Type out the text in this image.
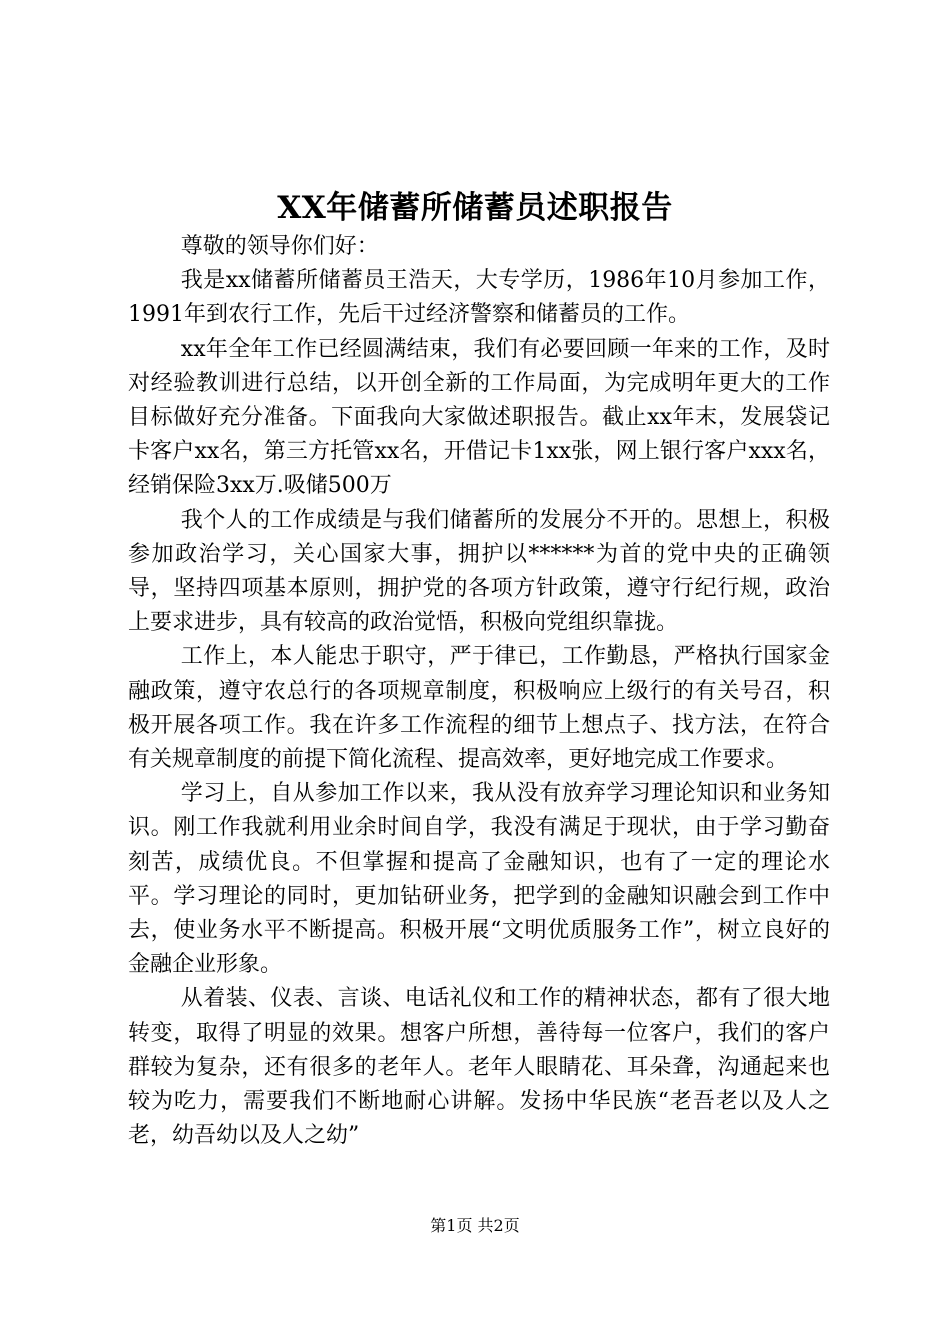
XX年储蓄所储蓄员述职报告

尊敬的领导你们好：

我是xx储蓄所储蓄员王浩天，大专学历，1986年10月参加工作，1991年到农行工作，先后干过经济警察和储蓄员的工作。

xx年全年工作已经圆满结束，我们有必要回顾一年来的工作，及时对经验教训进行总结，以开创全新的工作局面，为完成明年更大的工作目标做好充分准备。下面我向大家做述职报告。截止xx年末，发展袋记卡客户xx名，第三方托管xx名，开借记卡1xx张，网上银行客户xxx名，经销保险3xx万.吸储500万

我个人的工作成绩是与我们储蓄所的发展分不开的。思想上，积极参加政治学习，关心国家大事，拥护以******为首的党中央的正确领导，坚持四项基本原则，拥护党的各项方针政策，遵守行纪行规，政治上要求进步，具有较高的政治觉悟，积极向党组织靠拢。

工作上，本人能忠于职守，严于律已，工作勤恳，严格执行国家金融政策，遵守农总行的各项规章制度，积极响应上级行的有关号召，积极开展各项工作。我在许多工作流程的细节上想点子、找方法，在符合有关规章制度的前提下简化流程、提高效率，更好地完成工作要求。

学习上，自从参加工作以来，我从没有放弃学习理论知识和业务知识。刚工作我就利用业余时间自学，我没有满足于现状，由于学习勤奋刻苦，成绩优良。不但掌握和提高了金融知识，也有了一定的理论水平。学习理论的同时，更加钻研业务，把学到的金融知识融会到工作中去，使业务水平不断提高。积极开展“文明优质服务工作”，树立良好的金融企业形象。

从着装、仪表、言谈、电话礼仪和工作的精神状态，都有了很大地转变，取得了明显的效果。想客户所想，善待每一位客户，我们的客户群较为复杂，还有很多的老年人。老年人眼睛花、耳朵聋，沟通起来也较为吃力，需要我们不断地耐心讲解。发扬中华民族“老吾老以及人之老，幼吾幼以及人之幼”

第1页 共2页
